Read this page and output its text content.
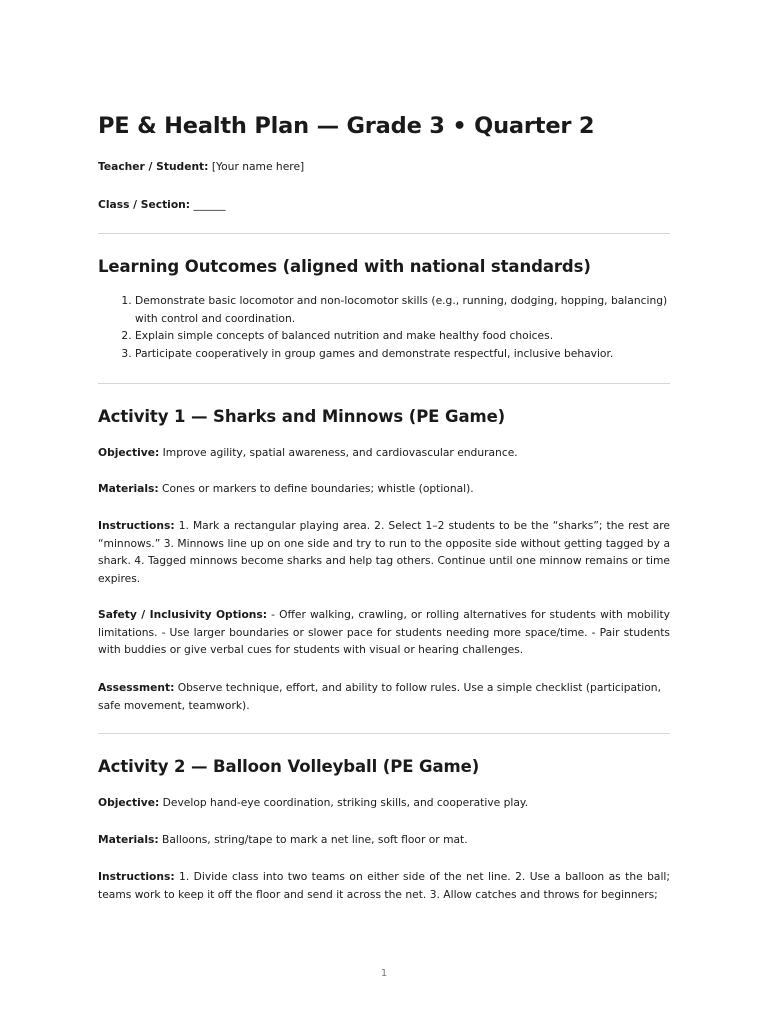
PE & Health Plan — Grade 3 • Quarter 2

Teacher / Student: [Your name here]

Class / Section: ______

Learning Outcomes (aligned with national standards)
1. Demonstrate basic locomotor and non-locomotor skills (e.g., running, dodging, hopping, balancing) with control and coordination.
2. Explain simple concepts of balanced nutrition and make healthy food choices.
3. Participate cooperatively in group games and demonstrate respectful, inclusive behavior.
Activity 1 — Sharks and Minnows (PE Game)

Objective: Improve agility, spatial awareness, and cardiovascular endurance.

Materials: Cones or markers to define boundaries; whistle (optional).

Instructions: 1. Mark a rectangular playing area. 2. Select 1–2 students to be the “sharks”; the rest are “minnows.” 3. Minnows line up on one side and try to run to the opposite side without getting tagged by a shark. 4. Tagged minnows become sharks and help tag others. Continue until one minnow remains or time expires.

Safety / Inclusivity Options: - Offer walking, crawling, or rolling alternatives for students with mobility limitations. - Use larger boundaries or slower pace for students needing more space/time. - Pair students with buddies or give verbal cues for students with visual or hearing challenges.

Assessment: Observe technique, effort, and ability to follow rules. Use a simple checklist (participation, safe movement, teamwork).

Activity 2 — Balloon Volleyball (PE Game)

Objective: Develop hand-eye coordination, striking skills, and cooperative play.

Materials: Balloons, string/tape to mark a net line, soft floor or mat.

Instructions: 1. Divide class into two teams on either side of the net line. 2. Use a balloon as the ball; teams work to keep it off the floor and send it across the net. 3. Allow catches and throws for beginners;

1
